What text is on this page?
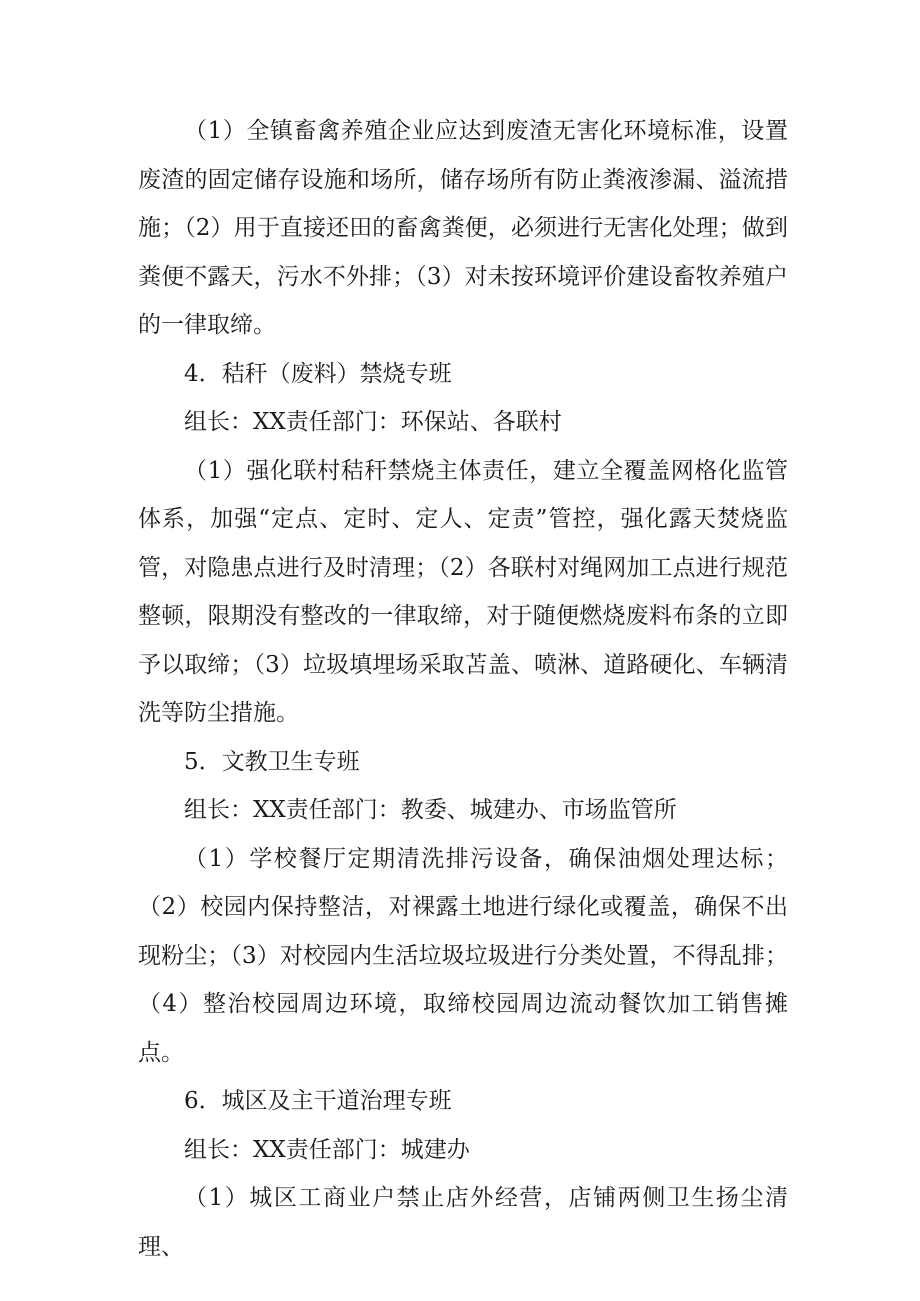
（1）全镇畜禽养殖企业应达到废渣无害化环境标准，设置废渣的固定储存设施和场所，储存场所有防止粪液渗漏、溢流措施；（2）用于直接还田的畜禽粪便，必须进行无害化处理；做到粪便不露天，污水不外排；（3）对未按环境评价建设畜牧养殖户的一律取缔。

4．秸秆（废料）禁烧专班

组长：XX责任部门：环保站、各联村

（1）强化联村秸秆禁烧主体责任，建立全覆盖网格化监管体系，加强“定点、定时、定人、定责”管控，强化露天焚烧监管，对隐患点进行及时清理；（2）各联村对绳网加工点进行规范整顿，限期没有整改的一律取缔，对于随便燃烧废料布条的立即予以取缔；（3）垃圾填埋场采取苫盖、喷淋、道路硬化、车辆清洗等防尘措施。

5．文教卫生专班

组长：XX责任部门：教委、城建办、市场监管所

（1）学校餐厅定期清洗排污设备，确保油烟处理达标；（2）校园内保持整洁，对裸露土地进行绿化或覆盖，确保不出现粉尘；（3）对校园内生活垃圾垃圾进行分类处置，不得乱排；（4）整治校园周边环境，取缔校园周边流动餐饮加工销售摊点。

6．城区及主干道治理专班

组长：XX责任部门：城建办

（1）城区工商业户禁止店外经营，店铺两侧卫生扬尘清理、
